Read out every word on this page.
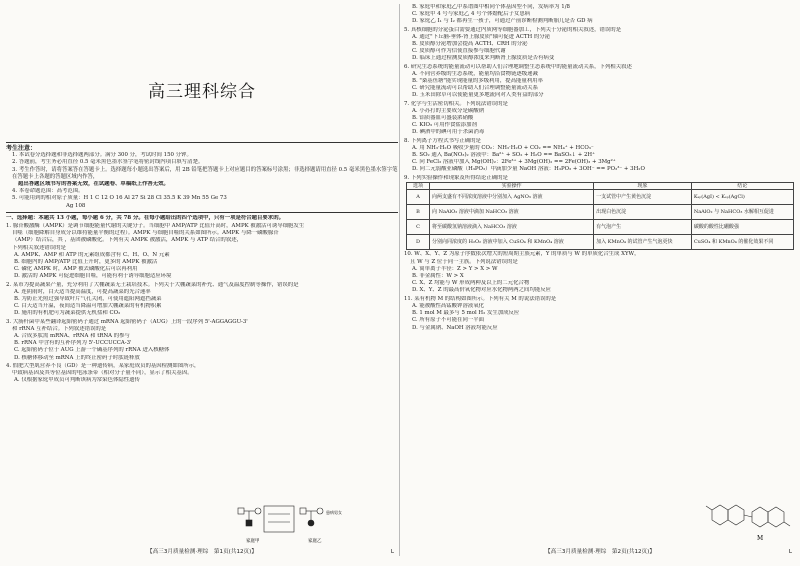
高三理科综合
考生注意：
1. 本试卷分选择题和非选择题两部分。满分 300 分，考试时间 150 分钟。
2. 答题前，考生务必用直径 0.5 毫米黑色墨水签字笔将密封线内项目填写清楚。
3. 考生作答时，请将答案答在答题卡上。选择题每小题选出答案后，用 2B 铅笔把答题卡上对应题目的答案标号涂黑；非选择题请用直径 0.5 毫米黑色墨水签字笔在答题卡上各题的答题区域内作答，
超出答题区域书写的答案无效，在试题卷、草稿纸上作答无效。
4. 本卷命题范围：高考范围。
5. 可能用到的相对原子质量：H 1 C 12 O 16 Al 27 Si 28 Cl 35.5 K 39 Mn 55 Ge 73
Ag 108
一、选择题：本题共 13 小题，每小题 6 分，共 78 分。在每小题给出的四个选项中，只有一项是符合题目要求的。
1. 腺苷酸激酶（AMPK）是调节细胞能量代谢的关键分子。当细胞中 AMP/ATP 比值升高时，AMPK 被激活可诱导细胞发生
自噬（细胞降解自身成分以维持能量平衡的过程）。AMPK 与细胞自噬的关系如图所示。AMPK 与降一磷酸腺苷
（AMP）结合后，其 ，基团被磷酸化。下列有关 AMPK 被激活，AMPK 与 ATP 结合的叙述，
下列相关叙述错误的是
A. AMPK、AMP 和 ATP 的元素组成都含有 C、H、O、N 元素
B. 细胞内的 AMP/ATP 比值上升时，更多的 AMPK 被激活
C. 磷化 AMPK 时，AMP 被去磷酸化后可以再利用
D. 激活的 AMPK 可促进细胞自噬，可能有利于诱导细胞适应环境
2. 某市为提高蔬果产量，充分利用了大棚蔬菜无土栽培技术。下列关于大棚蔬菜的补充、通气及温度控制等操作，错误的是
A. 连阴雨时，白天适当提高温度，可提高蔬菜的光合速率
B. 为防止光照过强导致叶片气孔关闭，可使用遮阳网遮挡蔬菜
C. 白天适当升温，夜间适当降温可增加大棚蔬菜的有机物积累
D. 施用的有机肥可为蔬菜提供无机盐和 CO₂
3. 大肠杆菌中某些翻译起始密码子通过 mRNA 起始密码子（AUG）上的一段序列 5'-AGGAGGU-3'
和 rRNA 互补结合。下列叙述错误的是
A. 合成多肽需 mRNA、rRNA 和 tRNA 的参与
B. rRNA 中含有的互补序列为 5'-UCCUCCA-3'
C. 起始密码子位于 AUG 上游一个碱基序列的 rRNA 进入核糖体
D. 核糖体移动至 mRNA 上的终止密码子时肽链释放
4. 假肥大型肌营养不良（GD）是一种遗传病，某家庭成员的基因检测如图所示，
中致病基因及其等位基因的电泳条带（相对分子量不同），显示了相关基因。
A. 仅根据家庭甲成员可判断该病为常染色体隐性遗传
家庭甲	家庭乙
患病男女
【高三3月质量检测·理综　第1页(共12页)】	L
B. 家庭甲和家庭乙中系谱图中相同个体基因型不同，发病率为 1/8
C. 家庭甲 4 号与家庭乙 4 号个体婚配后子女患病
D. 家庭乙 I₁ 与 I₂ 都再生一孩子，可通过产前诊断检测判断胎儿是否 GD 病
5. 真核细胞的分泌蛋白需要通过内质网等细胞器加工，下列关于分泌的相关叙述，错误的是
A. 通过"下丘脑-垂体-肾上腺皮质"轴可促进 ACTH 的分泌
B. 皮质醇分泌增加会提高 ACTH、CRH 的分泌
C. 皮质醇可作为信使直接参与细胞代谢
D. 临床上通过检测皮质醇浓度来判断肾上腺皮质是否有病变
6. 研究生态系统的能量流动可以帮助人们合理地调整生态系统中的能量流动关系，下列相关叙述
A. 不同营养级的生态系统，能量均沿食物链逐级递减
B. "桑基鱼塘"能实现能量的多级利用，提高能量利用率
C. 研究能量流动可以帮助人们合理调整能量流动关系
D. 玉米田除草可以使能量更多地流向对人类有益的部分
7. 化学与生活密切相关。下列说法错误的是
A. 小苏打的主要成分是碳酸钠
B. 铝质器皿可盛装浓硝酸
C. KIO₃ 可用作食盐添加剂
D. 碘酒中的碘可用于杀菌消毒
8. 下列离子方程式书写正确的是
A. 用 NH₃·H₂O 吸收少量的 CO₂：NH₃·H₂O + CO₂ == NH₄⁺ + HCO₃⁻
B. SO₂ 通入 Ba(NO₃)₂ 溶液中：Ba²⁺ + SO₂ + H₂O == BaSO₃↓ + 2H⁺
C. 向 FeCl₃ 溶液中加入 Mg(OH)₂：2Fe³⁺ + 3Mg(OH)₂ == 2Fe(OH)₃ + 3Mg²⁺
D. 向二元弱酸亚磷酸（H₃PO₃）中滴加少量 NaOH 溶液：H₃PO₃ + 3OH⁻ == PO₃³⁻ + 3H₂O
9. 下列实验操作和现象及所得结论正确的是
选项	实验操作	现象	结论
A	向两支盛有不同浓度溶液中分别加入 AgNO₃ 溶液	一支试管中产生黄色沉淀	Kₛₚ(AgI) < Kₛₚ(AgCl)
B	向 NaAlO₂ 溶液中滴加 NaHCO₃ 溶液	出现白色沉淀	NaAlO₂ 与 NaHCO₃ 水解相互促进
C	将至碳酸氢钠溶液滴入 NaHCO₃ 溶液	有气泡产生	碳酸的酸性比硼酸强
D	分别向同浓度的 H₂O₂ 溶液中加入 CuSO₄ 和 KMnO₄ 溶液	加入 KMnO₄ 的试管产生气泡更快	CuSO₄ 和 KMnO₄ 的催化效果不同
10. W、X、Y、Z 为原子序数依次增大的短周期主族元素，Y 的单质与 W 的单质化合生成 XYW，
且 W 与 Z 位于同一主族。下列说法错误的是
A. 简单离子半径：Z > Y > X > W
B. 非金属性：W > X
C. X、Z 均能与 W 形成两种及以上的二元化合物
D. X、Y、Z 的最高价氧化物对应水化物两两之间均能反应
11. 某有机物 M 的结构如图所示。下列有关 M 的说法错误的是
A. 能被酸性高锰酸钾溶液氧化
B. 1 mol M 最多与 5 mol H₂ 发生加成反应
C. 所有原子不可能在同一平面
D. 与金属钠、NaOH 溶液均能反应
M
【高三3月质量检测·理综　第2页(共12页)】	L
